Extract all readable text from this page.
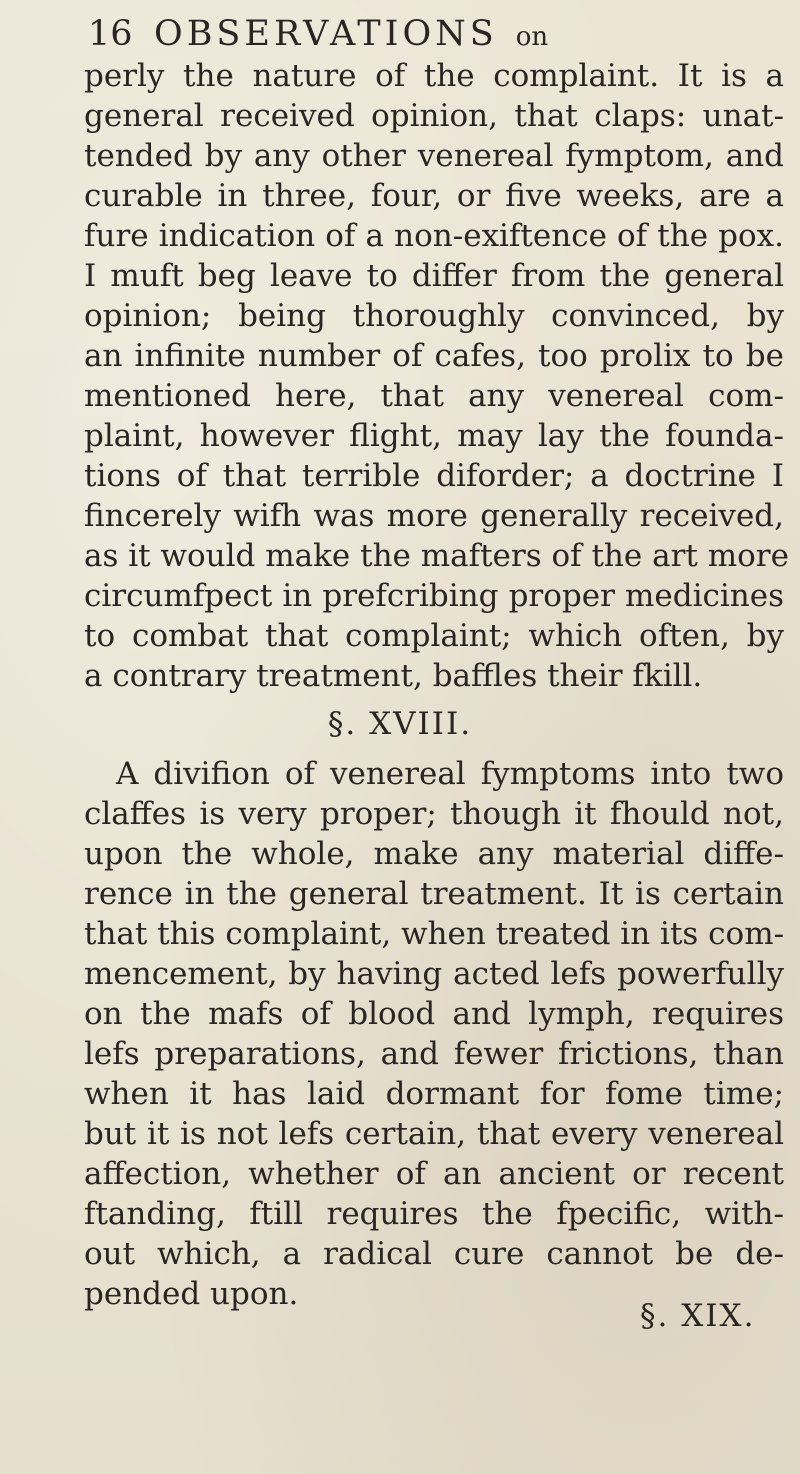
16 OBSERVATIONS on
perly the nature of the complaint. It is a
general received opinion, that claps: unat-
tended by any other venereal fymptom, and
curable in three, four, or five weeks, are a
fure indication of a non-exiftence of the pox.
I muft beg leave to differ from the general
opinion; being thoroughly convinced, by
an infinite number of cafes, too prolix to be
mentioned here, that any venereal com-
plaint, however flight, may lay the founda-
tions of that terrible diforder; a doctrine I
fincerely wifh was more generally received,
as it would make the mafters of the art more
circumfpect in prefcribing proper medicines
to combat that complaint; which often, by
a contrary treatment, baffles their fkill.
§. XVIII.
A divifion of venereal fymptoms into two
claffes is very proper; though it fhould not,
upon the whole, make any material diffe-
rence in the general treatment. It is certain
that this complaint, when treated in its com-
mencement, by having acted lefs powerfully
on the mafs of blood and lymph, requires
lefs preparations, and fewer frictions, than
when it has laid dormant for fome time;
but it is not lefs certain, that every venereal
affection, whether of an ancient or recent
ftanding, ftill requires the fpecific, with-
out which, a radical cure cannot be de-
pended upon.
§. XIX.
